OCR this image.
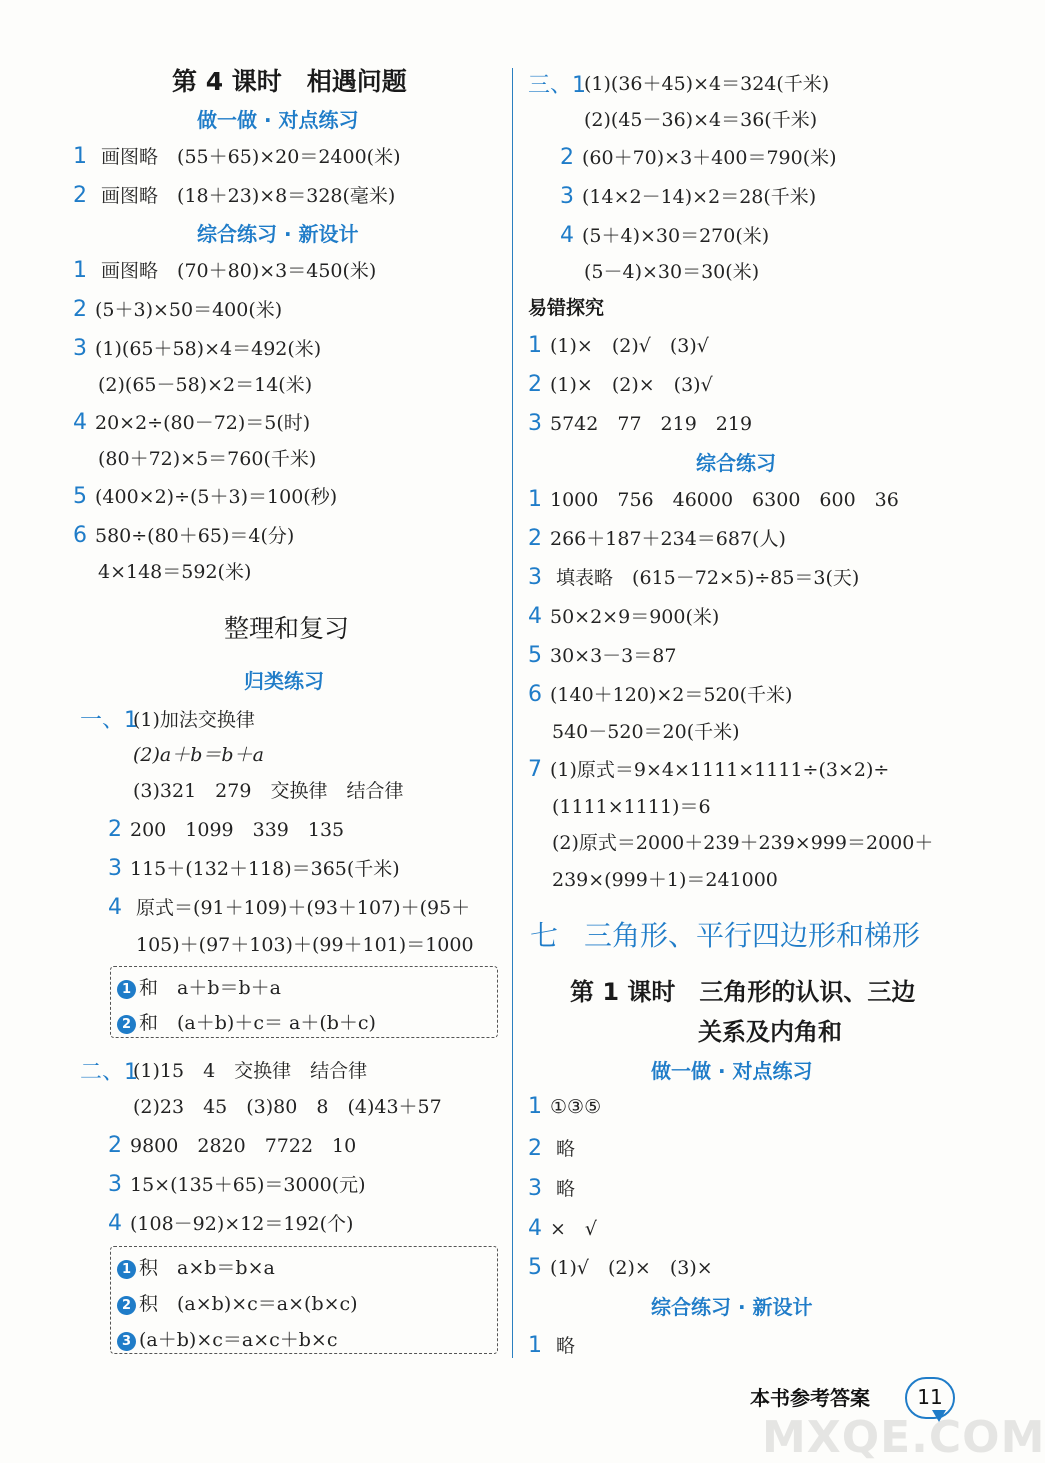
第 4 课时　相遇问题
做一做 · 对点练习
1 画图略　(55＋65)×20＝2400(米)
2 画图略　(18＋23)×8＝328(毫米)
综合练习 · 新设计
1 画图略　(70＋80)×3＝450(米)
2 (5＋3)×50＝400(米)
3 (1)(65＋58)×4＝492(米)
(2)(65－58)×2＝14(米)
4 20×2÷(80－72)＝5(时)
(80＋72)×5＝760(千米)
5 (400×2)÷(5＋3)＝100(秒)
6 580÷(80＋65)＝4(分)
4×148＝592(米)
整理和复习
归类练习
一、1
(1)加法交换律
(2)a＋b＝b＋a
(3)321　279　交换律　结合律
2 200　1099　339　135
3 115＋(132＋118)＝365(千米)
4 原式＝(91＋109)＋(93＋107)＋(95＋
105)＋(97＋103)＋(99＋101)＝1000
1 和　a＋b＝b＋a
2 和　(a＋b)＋c＝ a＋(b＋c)
二、1
(1)15　4　交换律　结合律
(2)23　45　(3)80　8　(4)43＋57
2 9800　2820　7722　10
3 15×(135＋65)＝3000(元)
4 (108－92)×12＝192(个)
1 积　a×b＝b×a
2 积　(a×b)×c＝a×(b×c)
3 (a＋b)×c＝a×c＋b×c
三、1
(1)(36＋45)×4＝324(千米)
(2)(45－36)×4＝36(千米)
2 (60＋70)×3＋400＝790(米)
3 (14×2－14)×2＝28(千米)
4 (5＋4)×30＝270(米)
(5－4)×30＝30(米)
易错探究
1 (1)×　(2)√　(3)√
2 (1)×　(2)×　(3)√
3 5742　77　219　219
综合练习
1 1000　756　46000　6300　600　36
2 266＋187＋234＝687(人)
3 填表略　(615－72×5)÷85＝3(天)
4 50×2×9＝900(米)
5 30×3－3＝87
6 (140＋120)×2＝520(千米)
540－520＝20(千米)
7 (1)原式＝9×4×1111×1111÷(3×2)÷
(1111×1111)＝6
(2)原式＝2000＋239＋239×999＝2000＋
239×(999＋1)＝241000
七 三角形、平行四边形和梯形
第 1 课时　三角形的认识、三边
关系及内角和
做一做 · 对点练习
1 ①③⑤
2 略
3 略
4 ×　√
5 (1)√　(2)×　(3)×
综合练习 · 新设计
1 略
本书参考答案	11
MXQE.COM
